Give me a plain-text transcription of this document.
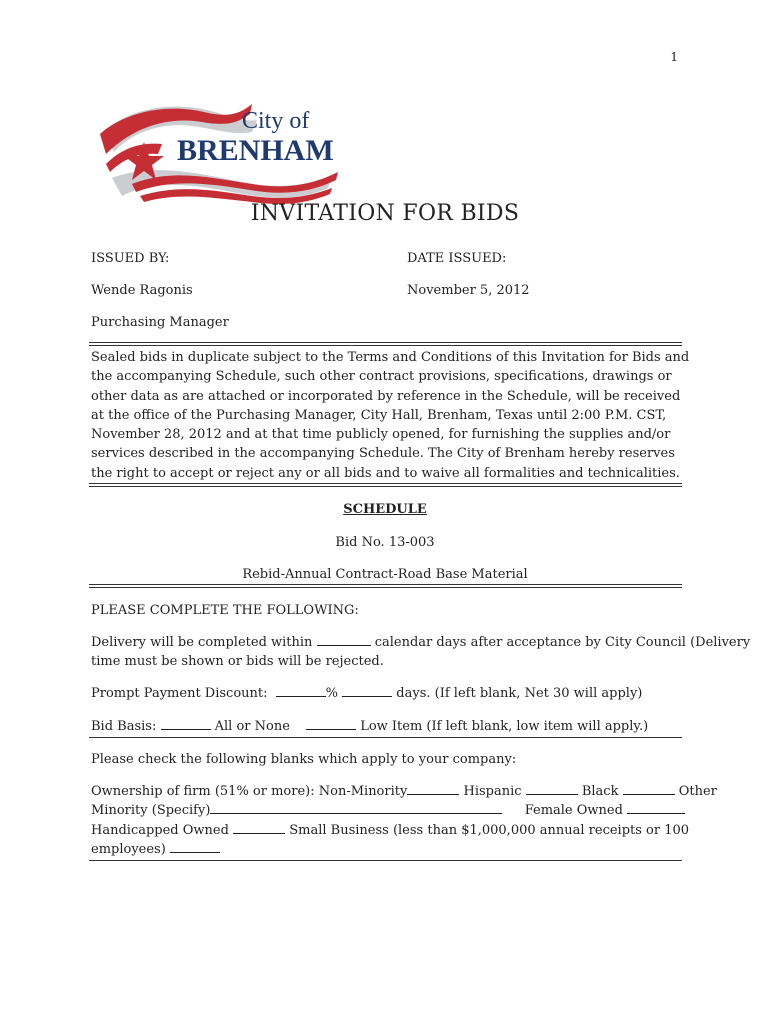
1
City of
BRENHAM
INVITATION FOR BIDS
ISSUED BY:	DATE ISSUED:
Wende Ragonis	November 5, 2012
Purchasing Manager
Sealed bids in duplicate subject to the Terms and Conditions of this Invitation for Bids and the accompanying Schedule, such other contract provisions, specifications, drawings or other data as are attached or incorporated by reference in the Schedule, will be received at the office of the Purchasing Manager, City Hall, Brenham, Texas until 2:00 P.M. CST, November 28, 2012 and at that time publicly opened, for furnishing the supplies and/or services described in the accompanying Schedule. The City of Brenham hereby reserves the right to accept or reject any or all bids and to waive all formalities and technicalities.
SCHEDULE
Bid No. 13-003
Rebid-Annual Contract-Road Base Material
PLEASE COMPLETE THE FOLLOWING:
Delivery will be completed within	calendar days after acceptance by City Council (Delivery
time must be shown or bids will be rejected.
Prompt Payment Discount:	%	days. (If left blank, Net 30 will apply)
Bid Basis:	All or None	Low Item (If left blank, low item will apply.)
Please check the following blanks which apply to your company:
Ownership of firm (51% or more): Non-Minority	Hispanic	Black	Other
Minority (Specify)	Female Owned
Handicapped Owned	Small Business (less than $1,000,000 annual receipts or 100
employees)
